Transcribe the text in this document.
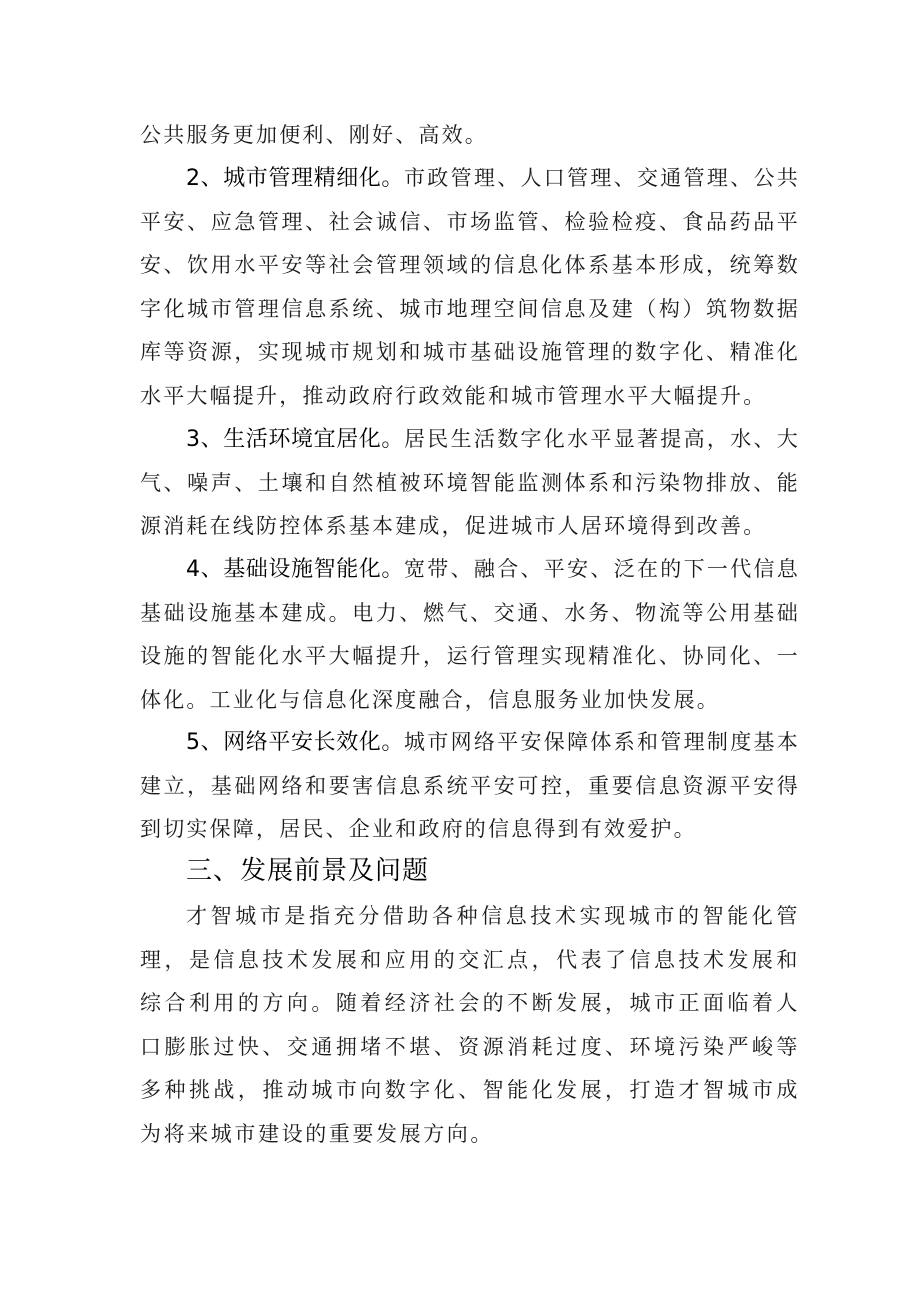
公共服务更加便利、刚好、高效。

2、城市管理精细化。市政管理、人口管理、交通管理、公共平安、应急管理、社会诚信、市场监管、检验检疫、食品药品平安、饮用水平安等社会管理领域的信息化体系基本形成，统筹数字化城市管理信息系统、城市地理空间信息及建（构）筑物数据库等资源，实现城市规划和城市基础设施管理的数字化、精准化水平大幅提升，推动政府行政效能和城市管理水平大幅提升。

3、生活环境宜居化。居民生活数字化水平显著提高，水、大气、噪声、土壤和自然植被环境智能监测体系和污染物排放、能源消耗在线防控体系基本建成，促进城市人居环境得到改善。

4、基础设施智能化。宽带、融合、平安、泛在的下一代信息基础设施基本建成。电力、燃气、交通、水务、物流等公用基础设施的智能化水平大幅提升，运行管理实现精准化、协同化、一体化。工业化与信息化深度融合，信息服务业加快发展。

5、网络平安长效化。城市网络平安保障体系和管理制度基本建立，基础网络和要害信息系统平安可控，重要信息资源平安得到切实保障，居民、企业和政府的信息得到有效爱护。

三、发展前景及问题

才智城市是指充分借助各种信息技术实现城市的智能化管理，是信息技术发展和应用的交汇点，代表了信息技术发展和综合利用的方向。随着经济社会的不断发展，城市正面临着人口膨胀过快、交通拥堵不堪、资源消耗过度、环境污染严峻等多种挑战，推动城市向数字化、智能化发展，打造才智城市成为将来城市建设的重要发展方向。
